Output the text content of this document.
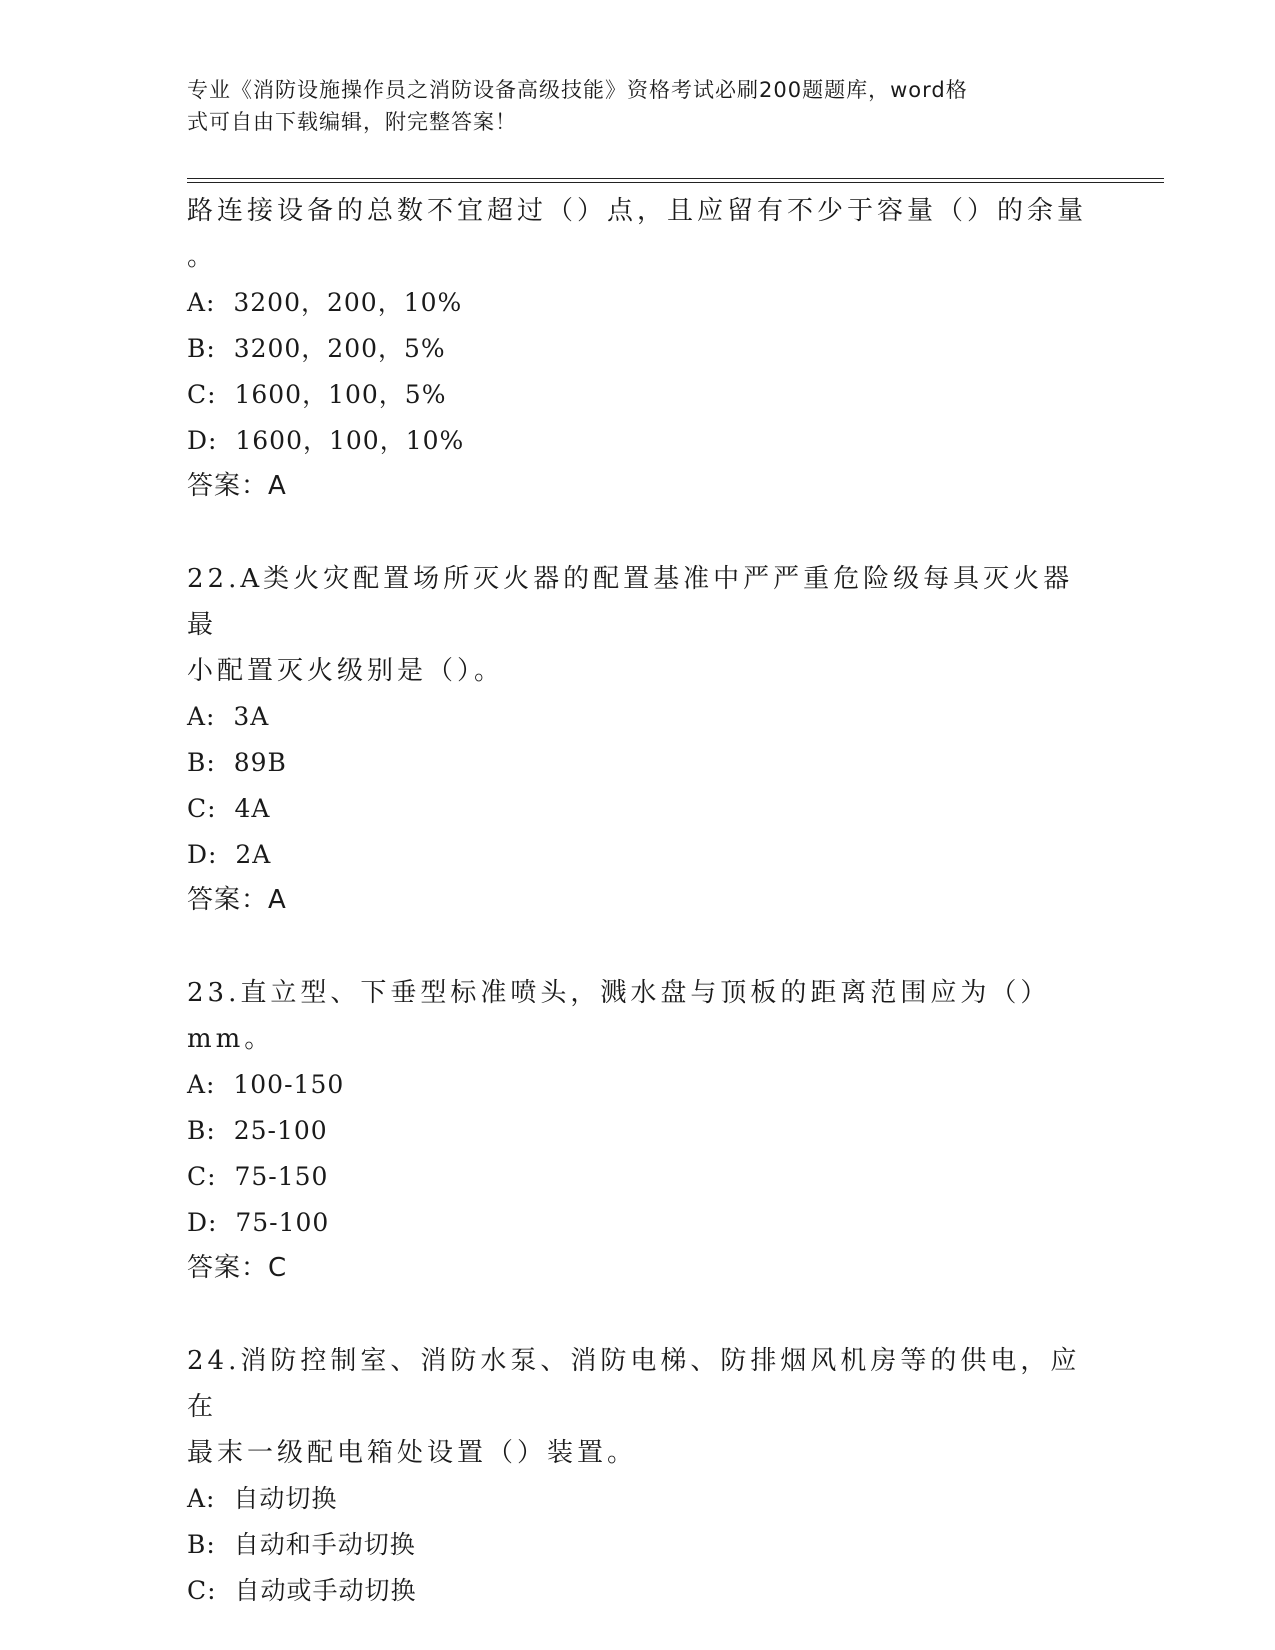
专业《消防设施操作员之消防设备高级技能》资格考试必刷200题题库，word格
式可自由下载编辑，附完整答案！
路连接设备的总数不宜超过（）点，且应留有不少于容量（）的余量
。
A:  3200，200，10%
B:  3200，200，5%
C:  1600，100，5%
D:  1600，100，10%
答案：A
22.A类火灾配置场所灭火器的配置基准中严严重危险级每具灭火器最
小配置灭火级别是（）。
A:  3A
B:  89B
C:  4A
D:  2A
答案：A
23.直立型、下垂型标准喷头，溅水盘与顶板的距离范围应为（）mm。
A:  100-150
B:  25-100
C:  75-150
D:  75-100
答案：C
24.消防控制室、消防水泵、消防电梯、防排烟风机房等的供电，应在
最末一级配电箱处设置（）装置。
A:  自动切换
B:  自动和手动切换
C:  自动或手动切换
